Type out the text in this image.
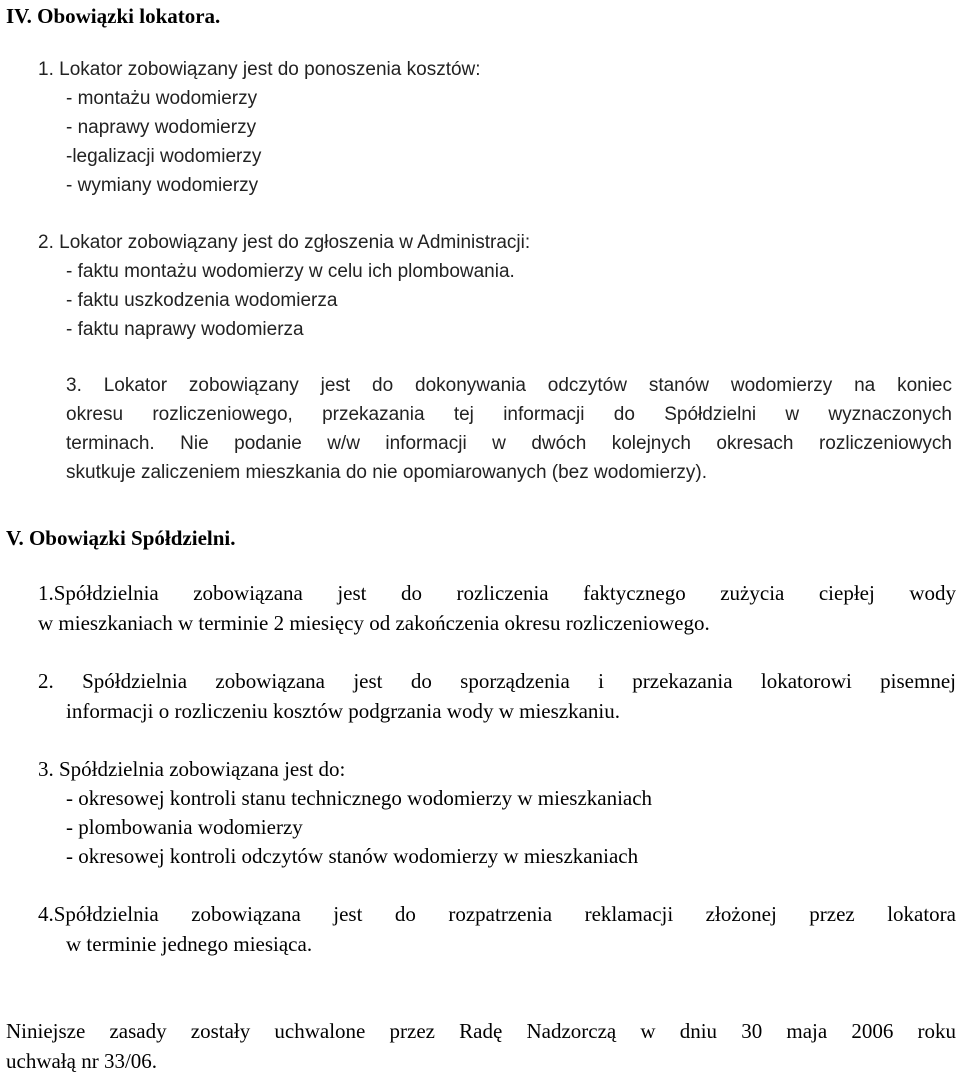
IV. Obowiązki lokatora.
1. Lokator zobowiązany jest do ponoszenia kosztów:
- montażu wodomierzy
- naprawy wodomierzy
-legalizacji wodomierzy
- wymiany wodomierzy
2. Lokator zobowiązany jest do zgłoszenia w Administracji:
- faktu montażu wodomierzy w celu ich plombowania.
- faktu uszkodzenia wodomierza
- faktu naprawy wodomierza
3. Lokator zobowiązany jest do dokonywania odczytów stanów wodomierzy na koniec
okresu rozliczeniowego, przekazania tej informacji do Spółdzielni w wyznaczonych
terminach. Nie podanie w/w informacji w dwóch kolejnych okresach rozliczeniowych
skutkuje zaliczeniem mieszkania do nie opomiarowanych (bez wodomierzy).
V. Obowiązki Spółdzielni.
1.Spółdzielnia zobowiązana jest do rozliczenia faktycznego zużycia ciepłej wody
w mieszkaniach w terminie 2 miesięcy od zakończenia okresu rozliczeniowego.
2. Spółdzielnia zobowiązana jest do sporządzenia i przekazania lokatorowi pisemnej
informacji o rozliczeniu kosztów podgrzania wody w mieszkaniu.
3. Spółdzielnia zobowiązana jest do:
- okresowej kontroli stanu technicznego wodomierzy w mieszkaniach
- plombowania wodomierzy
- okresowej kontroli odczytów stanów wodomierzy w mieszkaniach
4.Spółdzielnia zobowiązana jest do rozpatrzenia reklamacji złożonej przez lokatora
w terminie jednego miesiąca.
Niniejsze zasady zostały uchwalone przez Radę Nadzorczą w dniu 30 maja 2006 roku
uchwałą nr 33/06.
